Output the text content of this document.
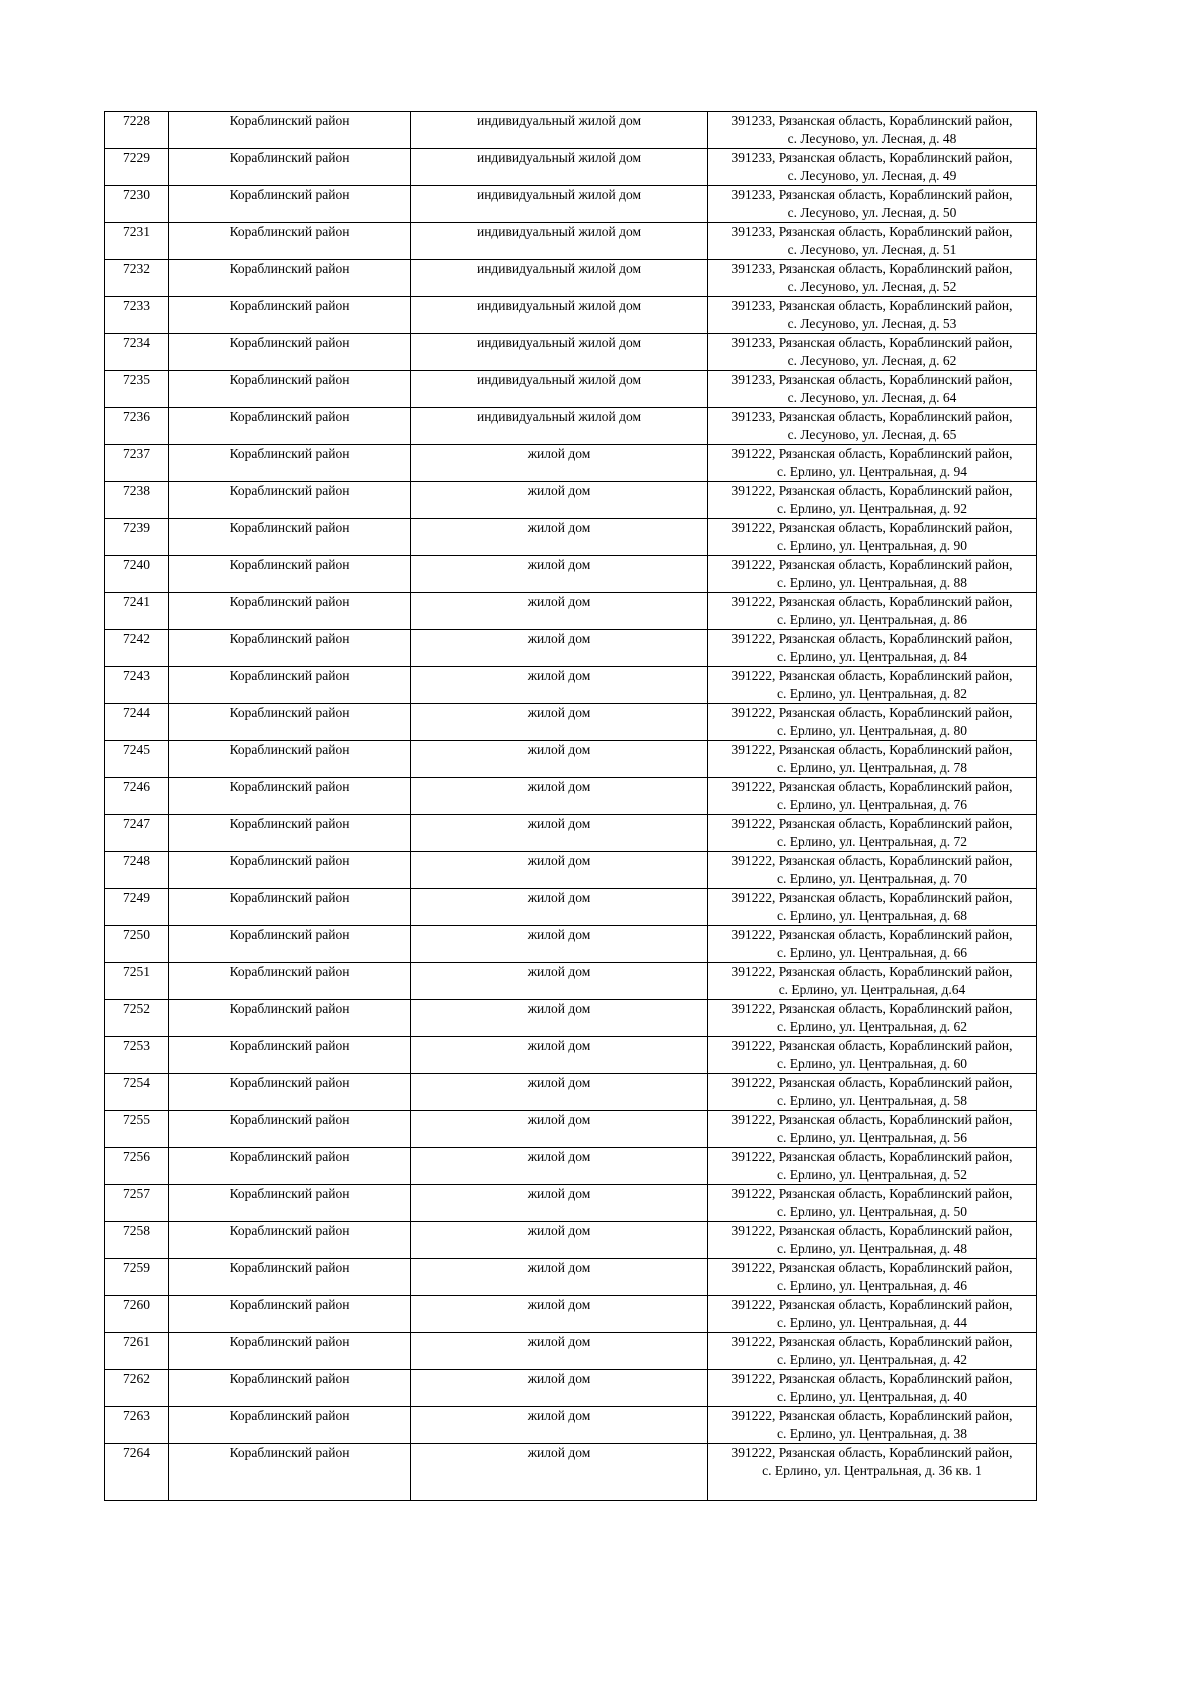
7228	Кораблинский район	индивидуальный жилой дом	391233, Рязанская область, Кораблинский район,
с. Лесуново, ул. Лесная, д. 48

7229	Кораблинский район	индивидуальный жилой дом	391233, Рязанская область, Кораблинский район,
с. Лесуново, ул. Лесная, д. 49

7230	Кораблинский район	индивидуальный жилой дом	391233, Рязанская область, Кораблинский район,
с. Лесуново, ул. Лесная, д. 50

7231	Кораблинский район	индивидуальный жилой дом	391233, Рязанская область, Кораблинский район,
с. Лесуново, ул. Лесная, д. 51

7232	Кораблинский район	индивидуальный жилой дом	391233, Рязанская область, Кораблинский район,
с. Лесуново, ул. Лесная, д. 52

7233	Кораблинский район	индивидуальный жилой дом	391233, Рязанская область, Кораблинский район,
с. Лесуново, ул. Лесная, д. 53

7234	Кораблинский район	индивидуальный жилой дом	391233, Рязанская область, Кораблинский район,
с. Лесуново, ул. Лесная, д. 62

7235	Кораблинский район	индивидуальный жилой дом	391233, Рязанская область, Кораблинский район,
с. Лесуново, ул. Лесная, д. 64

7236	Кораблинский район	индивидуальный жилой дом	391233, Рязанская область, Кораблинский район,
с. Лесуново, ул. Лесная, д. 65

7237	Кораблинский район	жилой дом	391222, Рязанская область, Кораблинский район,
с. Ерлино, ул. Центральная, д. 94

7238	Кораблинский район	жилой дом	391222, Рязанская область, Кораблинский район,
с. Ерлино, ул. Центральная, д. 92

7239	Кораблинский район	жилой дом	391222, Рязанская область, Кораблинский район,
с. Ерлино, ул. Центральная, д. 90

7240	Кораблинский район	жилой дом	391222, Рязанская область, Кораблинский район,
с. Ерлино, ул. Центральная, д. 88

7241	Кораблинский район	жилой дом	391222, Рязанская область, Кораблинский район,
с. Ерлино, ул. Центральная, д. 86

7242	Кораблинский район	жилой дом	391222, Рязанская область, Кораблинский район,
с. Ерлино, ул. Центральная, д. 84

7243	Кораблинский район	жилой дом	391222, Рязанская область, Кораблинский район,
с. Ерлино, ул. Центральная, д. 82

7244	Кораблинский район	жилой дом	391222, Рязанская область, Кораблинский район,
с. Ерлино, ул. Центральная, д. 80

7245	Кораблинский район	жилой дом	391222, Рязанская область, Кораблинский район,
с. Ерлино, ул. Центральная, д. 78

7246	Кораблинский район	жилой дом	391222, Рязанская область, Кораблинский район,
с. Ерлино, ул. Центральная, д. 76

7247	Кораблинский район	жилой дом	391222, Рязанская область, Кораблинский район,
с. Ерлино, ул. Центральная, д. 72

7248	Кораблинский район	жилой дом	391222, Рязанская область, Кораблинский район,
с. Ерлино, ул. Центральная, д. 70

7249	Кораблинский район	жилой дом	391222, Рязанская область, Кораблинский район,
с. Ерлино, ул. Центральная, д. 68

7250	Кораблинский район	жилой дом	391222, Рязанская область, Кораблинский район,
с. Ерлино, ул. Центральная, д. 66

7251	Кораблинский район	жилой дом	391222, Рязанская область, Кораблинский район,
с. Ерлино, ул. Центральная, д.64

7252	Кораблинский район	жилой дом	391222, Рязанская область, Кораблинский район,
с. Ерлино, ул. Центральная, д. 62

7253	Кораблинский район	жилой дом	391222, Рязанская область, Кораблинский район,
с. Ерлино, ул. Центральная, д. 60

7254	Кораблинский район	жилой дом	391222, Рязанская область, Кораблинский район,
с. Ерлино, ул. Центральная, д. 58

7255	Кораблинский район	жилой дом	391222, Рязанская область, Кораблинский район,
с. Ерлино, ул. Центральная, д. 56

7256	Кораблинский район	жилой дом	391222, Рязанская область, Кораблинский район,
с. Ерлино, ул. Центральная, д. 52

7257	Кораблинский район	жилой дом	391222, Рязанская область, Кораблинский район,
с. Ерлино, ул. Центральная, д. 50

7258	Кораблинский район	жилой дом	391222, Рязанская область, Кораблинский район,
с. Ерлино, ул. Центральная, д. 48

7259	Кораблинский район	жилой дом	391222, Рязанская область, Кораблинский район,
с. Ерлино, ул. Центральная, д. 46

7260	Кораблинский район	жилой дом	391222, Рязанская область, Кораблинский район,
с. Ерлино, ул. Центральная, д. 44

7261	Кораблинский район	жилой дом	391222, Рязанская область, Кораблинский район,
с. Ерлино, ул. Центральная, д. 42

7262	Кораблинский район	жилой дом	391222, Рязанская область, Кораблинский район,
с. Ерлино, ул. Центральная, д. 40

7263	Кораблинский район	жилой дом	391222, Рязанская область, Кораблинский район,
с. Ерлино, ул. Центральная, д. 38

7264	Кораблинский район	жилой дом	391222, Рязанская область, Кораблинский район,
с. Ерлино, ул. Центральная, д. 36 кв. 1
